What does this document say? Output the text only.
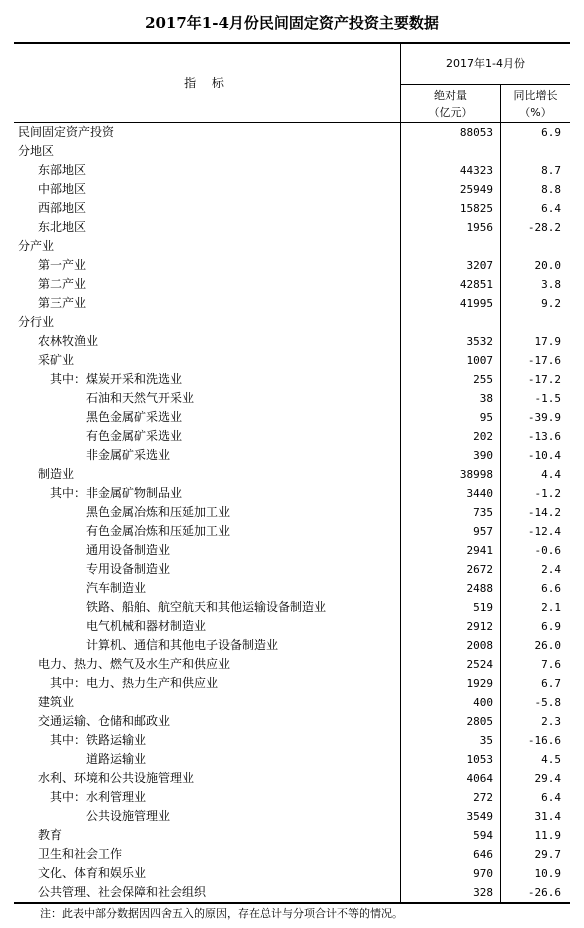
2017年1-4月份民间固定资产投资主要数据
指 标
2017年1-4月份
绝对量
（亿元）
同比增长
（%）
民间固定资产投资	88053	6.9
分地区
东部地区	44323	8.7
中部地区	25949	8.8
西部地区	15825	6.4
东北地区	1956	-28.2
分产业
第一产业	3207	20.0
第二产业	42851	3.8
第三产业	41995	9.2
分行业
农林牧渔业	3532	17.9
采矿业	1007	-17.6
其中：煤炭开采和洗选业	255	-17.2
石油和天然气开采业	38	-1.5
黑色金属矿采选业	95	-39.9
有色金属矿采选业	202	-13.6
非金属矿采选业	390	-10.4
制造业	38998	4.4
其中：非金属矿物制品业	3440	-1.2
黑色金属冶炼和压延加工业	735	-14.2
有色金属冶炼和压延加工业	957	-12.4
通用设备制造业	2941	-0.6
专用设备制造业	2672	2.4
汽车制造业	2488	6.6
铁路、船舶、航空航天和其他运输设备制造业	519	2.1
电气机械和器材制造业	2912	6.9
计算机、通信和其他电子设备制造业	2008	26.0
电力、热力、燃气及水生产和供应业	2524	7.6
其中：电力、热力生产和供应业	1929	6.7
建筑业	400	-5.8
交通运输、仓储和邮政业	2805	2.3
其中：铁路运输业	35	-16.6
道路运输业	1053	4.5
水利、环境和公共设施管理业	4064	29.4
其中：水利管理业	272	6.4
公共设施管理业	3549	31.4
教育	594	11.9
卫生和社会工作	646	29.7
文化、体育和娱乐业	970	10.9
公共管理、社会保障和社会组织	328	-26.6
注：此表中部分数据因四舍五入的原因，存在总计与分项合计不等的情况。
